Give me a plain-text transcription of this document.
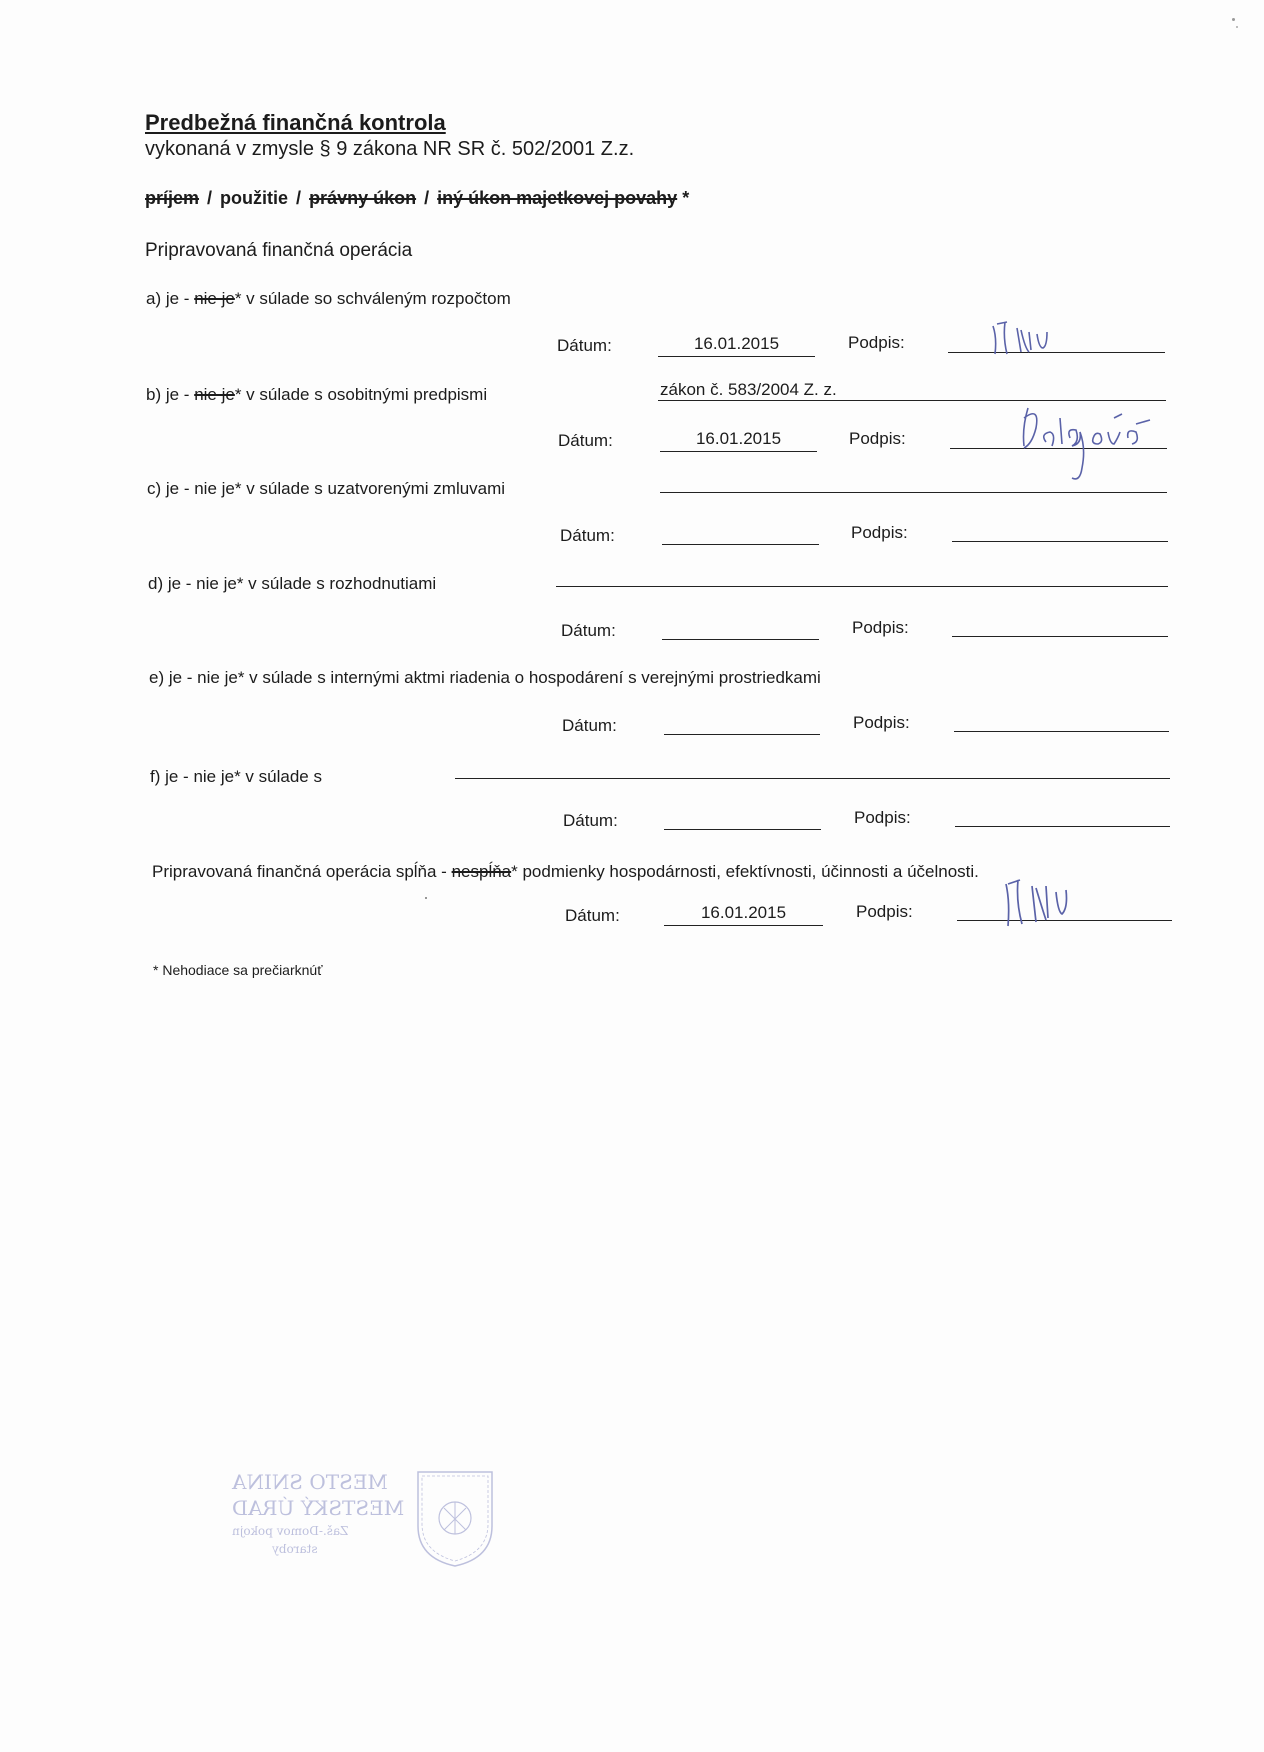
Predbežná finančná kontrola
vykonaná v zmysle § 9 zákona NR SR č. 502/2001 Z.z.
príjem / použitie / právny úkon / iný úkon majetkovej povahy *
Pripravovaná finančná operácia
a) je - nie je* v súlade so schváleným rozpočtom
Dátum:	16.01.2015	Podpis:
b) je - nie je* v súlade s osobitnými predpismi	zákon č. 583/2004 Z. z.
Dátum:	16.01.2015	Podpis:
c) je - nie je* v súlade s uzatvorenými zmluvami
Dátum:	Podpis:
d) je - nie je* v súlade s rozhodnutiami
Dátum:	Podpis:
e) je - nie je* v súlade s internými aktmi riadenia o hospodárení s verejnými prostriedkami
Dátum:	Podpis:
f) je - nie je* v súlade s
Dátum:	Podpis:
Pripravovaná finančná operácia spĺňa - nespĺňa* podmienky hospodárnosti, efektívnosti, účinnosti a účelnosti.
Dátum:	16.01.2015	Podpis:
* Nehodiace sa prečiarknúť
MESTO SNINA
MESTSKÝ ÚRAD
Zaš.-Domov pokojn
staroby
